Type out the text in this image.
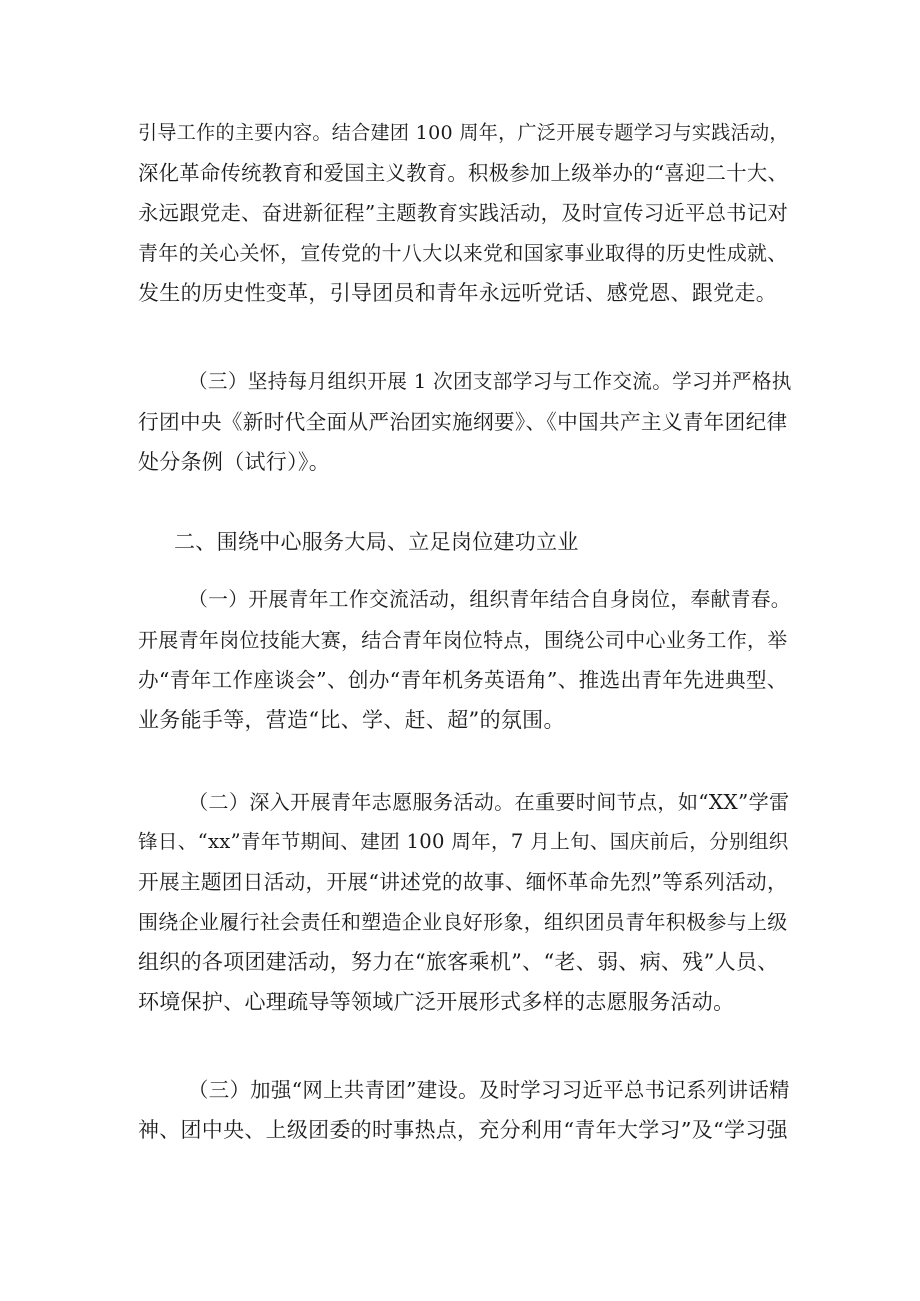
引导工作的主要内容。结合建团 100 周年，广泛开展专题学习与实践活动，
深化革命传统教育和爱国主义教育。积极参加上级举办的“喜迎二十大、
永远跟党走、奋进新征程”主题教育实践活动，及时宣传习近平总书记对
青年的关心关怀，宣传党的十八大以来党和国家事业取得的历史性成就、
发生的历史性变革，引导团员和青年永远听党话、感党恩、跟党走。
（三）坚持每月组织开展 1 次团支部学习与工作交流。学习并严格执
行团中央《新时代全面从严治团实施纲要》、《中国共产主义青年团纪律
处分条例（试行）》。
二、围绕中心服务大局、立足岗位建功立业
（一）开展青年工作交流活动，组织青年结合自身岗位，奉献青春。
开展青年岗位技能大赛，结合青年岗位特点，围绕公司中心业务工作，举
办“青年工作座谈会”、创办“青年机务英语角”、推选出青年先进典型、
业务能手等，营造“比、学、赶、超”的氛围。
（二）深入开展青年志愿服务活动。在重要时间节点，如“XX”学雷
锋日、“xx”青年节期间、建团 100 周年，7 月上旬、国庆前后，分别组织
开展主题团日活动，开展“讲述党的故事、缅怀革命先烈”等系列活动，
围绕企业履行社会责任和塑造企业良好形象，组织团员青年积极参与上级
组织的各项团建活动，努力在“旅客乘机”、“老、弱、病、残”人员、
环境保护、心理疏导等领域广泛开展形式多样的志愿服务活动。
（三）加强“网上共青团”建设。及时学习习近平总书记系列讲话精
神、团中央、上级团委的时事热点，充分利用“青年大学习”及“学习强
